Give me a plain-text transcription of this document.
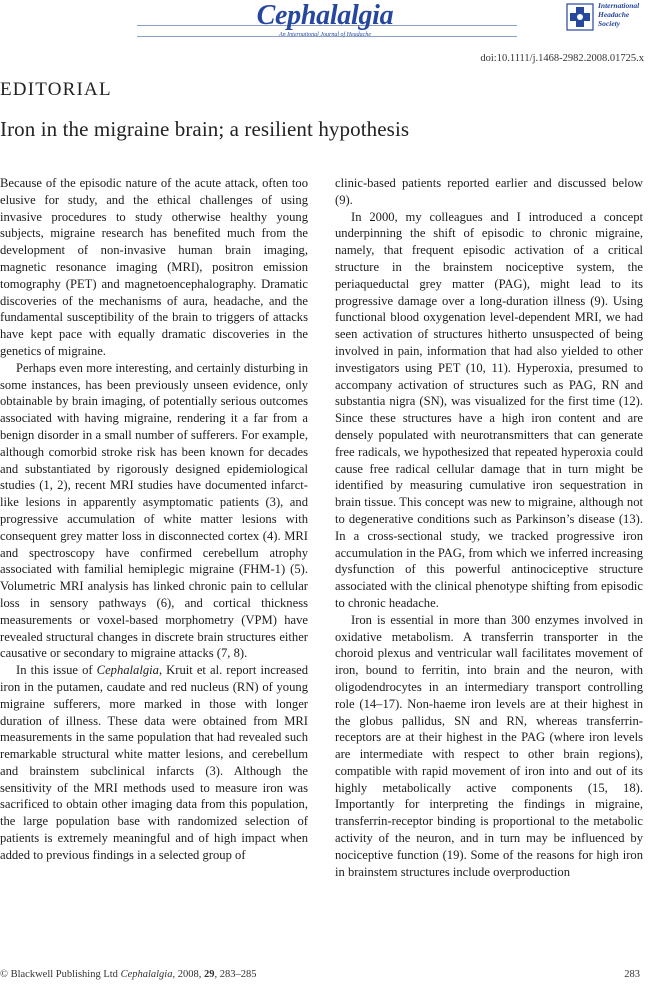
Cephalalgia
An International Journal of Headache
International
Headache
Society
doi:10.1111/j.1468-2982.2008.01725.x
EDITORIAL
Iron in the migraine brain; a resilient hypothesis

Because of the episodic nature of the acute attack, often too elusive for study, and the ethical challenges of using invasive procedures to study otherwise healthy young subjects, migraine research has benefited much from the development of non-invasive human brain imaging, magnetic resonance imaging (MRI), positron emission tomography (PET) and magnetoencephalography. Dramatic discoveries of the mechanisms of aura, headache, and the fundamental susceptibility of the brain to triggers of attacks have kept pace with equally dramatic discoveries in the genetics of migraine.

Perhaps even more interesting, and certainly disturbing in some instances, has been previously unseen evidence, only obtainable by brain imaging, of potentially serious outcomes associated with having migraine, rendering it a far from a benign disorder in a small number of sufferers. For example, although comorbid stroke risk has been known for decades and substantiated by rigorously designed epidemiological studies (1, 2), recent MRI studies have documented infarct-like lesions in apparently asymptomatic patients (3), and progressive accumulation of white matter lesions with consequent grey matter loss in disconnected cortex (4). MRI and spectroscopy have confirmed cerebellum atrophy associated with familial hemiplegic migraine (FHM-1) (5). Volumetric MRI analysis has linked chronic pain to cellular loss in sensory pathways (6), and cortical thickness measurements or voxel-based morphometry (VPM) have revealed structural changes in discrete brain structures either causative or secondary to migraine attacks (7, 8).

In this issue of Cephalalgia, Kruit et al. report increased iron in the putamen, caudate and red nucleus (RN) of young migraine sufferers, more marked in those with longer duration of illness. These data were obtained from MRI measurements in the same population that had revealed such remarkable structural white matter lesions, and cerebellum and brainstem subclinical infarcts (3). Although the sensitivity of the MRI methods used to measure iron was sacrificed to obtain other imaging data from this population, the large population base with randomized selection of patients is extremely meaningful and of high impact when added to previous findings in a selected group of

clinic-based patients reported earlier and discussed below (9).

In 2000, my colleagues and I introduced a concept underpinning the shift of episodic to chronic migraine, namely, that frequent episodic activation of a critical structure in the brainstem nociceptive system, the periaqueductal grey matter (PAG), might lead to its progressive damage over a long-duration illness (9). Using functional blood oxygenation level-dependent MRI, we had seen activation of structures hitherto unsuspected of being involved in pain, information that had also yielded to other investigators using PET (10, 11). Hyperoxia, presumed to accompany activation of structures such as PAG, RN and substantia nigra (SN), was visualized for the first time (12). Since these structures have a high iron content and are densely populated with neurotransmitters that can generate free radicals, we hypothesized that repeated hyperoxia could cause free radical cellular damage that in turn might be identified by measuring cumulative iron sequestration in brain tissue. This concept was new to migraine, although not to degenerative conditions such as Parkinson’s disease (13). In a cross-sectional study, we tracked progressive iron accumulation in the PAG, from which we inferred increasing dysfunction of this powerful antinociceptive structure associated with the clinical phenotype shifting from episodic to chronic headache.

Iron is essential in more than 300 enzymes involved in oxidative metabolism. A transferrin transporter in the choroid plexus and ventricular wall facilitates movement of iron, bound to ferritin, into brain and the neuron, with oligodendrocytes in an intermediary transport controlling role (14–17). Non-haeme iron levels are at their highest in the globus pallidus, SN and RN, whereas transferrin-receptors are at their highest in the PAG (where iron levels are intermediate with respect to other brain regions), compatible with rapid movement of iron into and out of its highly metabolically active components (15, 18). Importantly for interpreting the findings in migraine, transferrin-receptor binding is proportional to the metabolic activity of the neuron, and in turn may be influenced by nociceptive function (19). Some of the reasons for high iron in brainstem structures include overproduction

© Blackwell Publishing Ltd Cephalalgia, 2008, 29, 283–285	283
